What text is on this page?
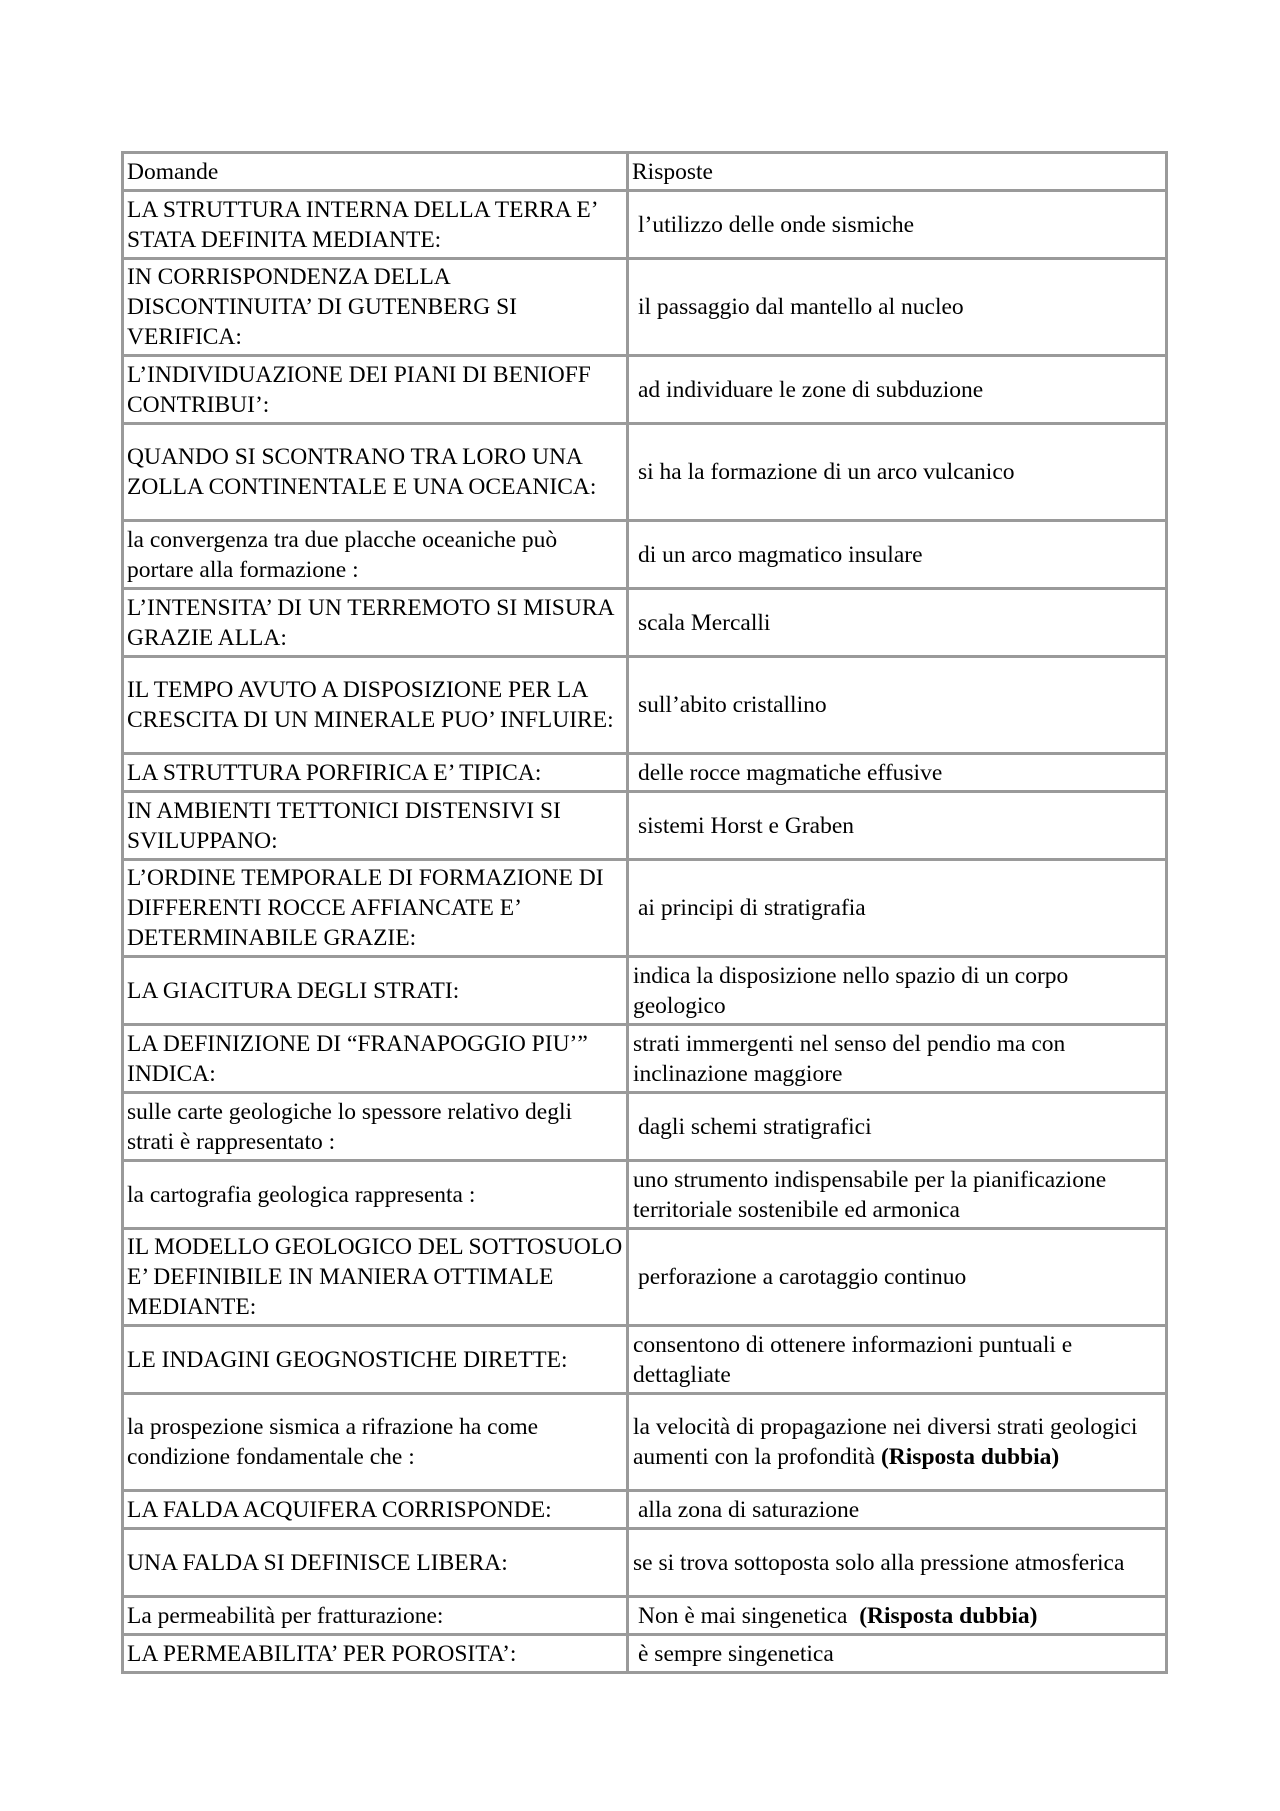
Domande	Risposte
LA STRUTTURA INTERNA DELLA TERRA E’ STATA DEFINITA MEDIANTE:	l’utilizzo delle onde sismiche
IN CORRISPONDENZA DELLA DISCONTINUITA’ DI GUTENBERG SI VERIFICA:	il passaggio dal mantello al nucleo
L’INDIVIDUAZIONE DEI PIANI DI BENIOFF CONTRIBUI’:	ad individuare le zone di subduzione
QUANDO SI SCONTRANO TRA LORO UNA ZOLLA CONTINENTALE E UNA OCEANICA:	si ha la formazione di un arco vulcanico
la convergenza tra due placche oceaniche può portare alla formazione :	di un arco magmatico insulare
L’INTENSITA’ DI UN TERREMOTO SI MISURA GRAZIE ALLA:	scala Mercalli
IL TEMPO AVUTO A DISPOSIZIONE PER LA CRESCITA DI UN MINERALE PUO’ INFLUIRE:	sull’abito cristallino
LA STRUTTURA PORFIRICA E’ TIPICA:	delle rocce magmatiche effusive
IN AMBIENTI TETTONICI DISTENSIVI SI SVILUPPANO:	sistemi Horst e Graben
L’ORDINE TEMPORALE DI FORMAZIONE DI DIFFERENTI ROCCE AFFIANCATE E’ DETERMINABILE GRAZIE:	ai principi di stratigrafia
LA GIACITURA DEGLI STRATI:	indica la disposizione nello spazio di un corpo geologico
LA DEFINIZIONE DI “FRANAPOGGIO PIU’” INDICA:	strati immergenti nel senso del pendio ma con inclinazione maggiore
sulle carte geologiche lo spessore relativo degli strati è rappresentato :	dagli schemi stratigrafici
la cartografia geologica rappresenta :	uno strumento indispensabile per la pianificazione territoriale sostenibile ed armonica
IL MODELLO GEOLOGICO DEL SOTTOSUOLO E’ DEFINIBILE IN MANIERA OTTIMALE MEDIANTE:	perforazione a carotaggio continuo
LE INDAGINI GEOGNOSTICHE DIRETTE:	consentono di ottenere informazioni puntuali e dettagliate
la prospezione sismica a rifrazione ha come condizione fondamentale che :	la velocità di propagazione nei diversi strati geologici aumenti con la profondità (Risposta dubbia)
LA FALDA ACQUIFERA CORRISPONDE:	alla zona di saturazione
UNA FALDA SI DEFINISCE LIBERA:	se si trova sottoposta solo alla pressione atmosferica
La permeabilità per fratturazione:	Non è mai singenetica (Risposta dubbia)
LA PERMEABILITA’ PER POROSITA’:	è sempre singenetica
